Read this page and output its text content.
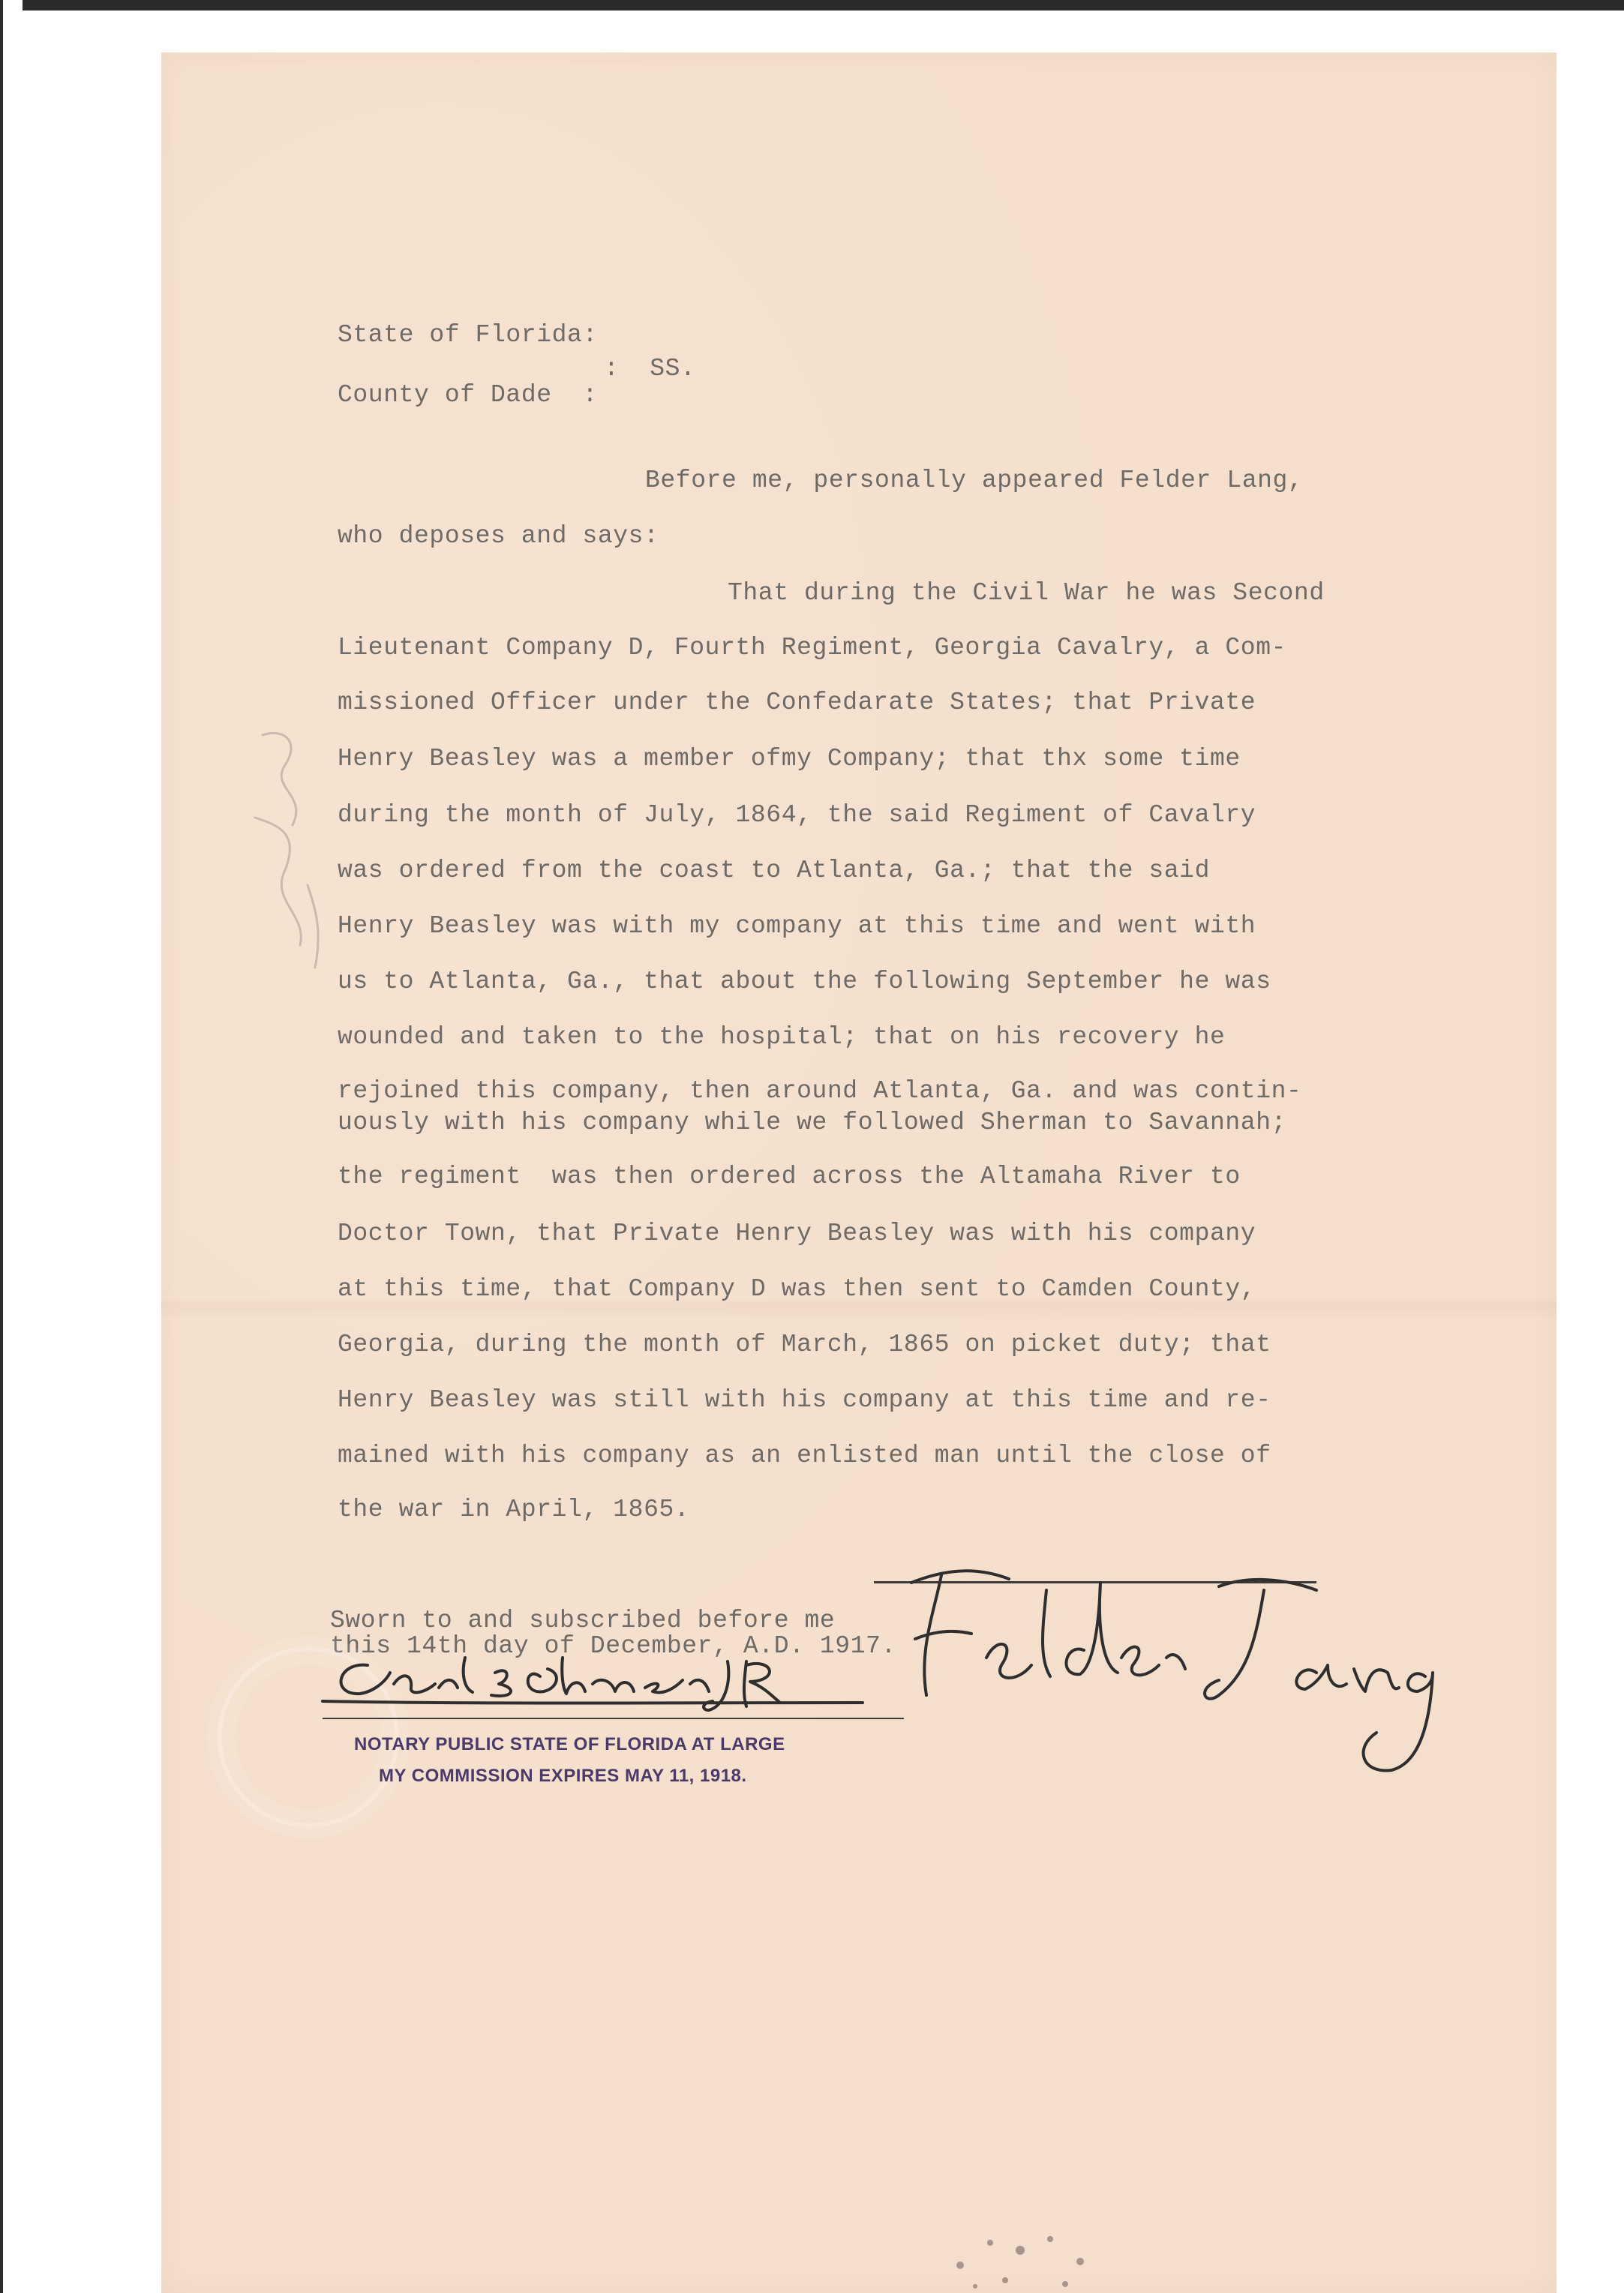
State of Florida:
:  SS.
County of Dade  :
Before me, personally appeared Felder Lang,
who deposes and says:
That during the Civil War he was Second
Lieutenant Company D, Fourth Regiment, Georgia Cavalry, a Com-
missioned Officer under the Confedarate States; that Private
Henry Beasley was a member ofmy Company; that thx some time
during the month of July, 1864, the said Regiment of Cavalry
was ordered from the coast to Atlanta, Ga.; that the said
Henry Beasley was with my company at this time and went with
us to Atlanta, Ga., that about the following September he was
wounded and taken to the hospital; that on his recovery he
rejoined this company, then around Atlanta, Ga. and was contin-
uously with his company while we followed Sherman to Savannah;
the regiment  was then ordered across the Altamaha River to
Doctor Town, that Private Henry Beasley was with his company
at this time, that Company D was then sent to Camden County,
Georgia, during the month of March, 1865 on picket duty; that
Henry Beasley was still with his company at this time and re-
mained with his company as an enlisted man until the close of
the war in April, 1865.
Sworn to and subscribed before me
this 14th day of December, A.D. 1917.
NOTARY PUBLIC STATE OF FLORIDA AT LARGE
MY COMMISSION EXPIRES MAY 11, 1918.
